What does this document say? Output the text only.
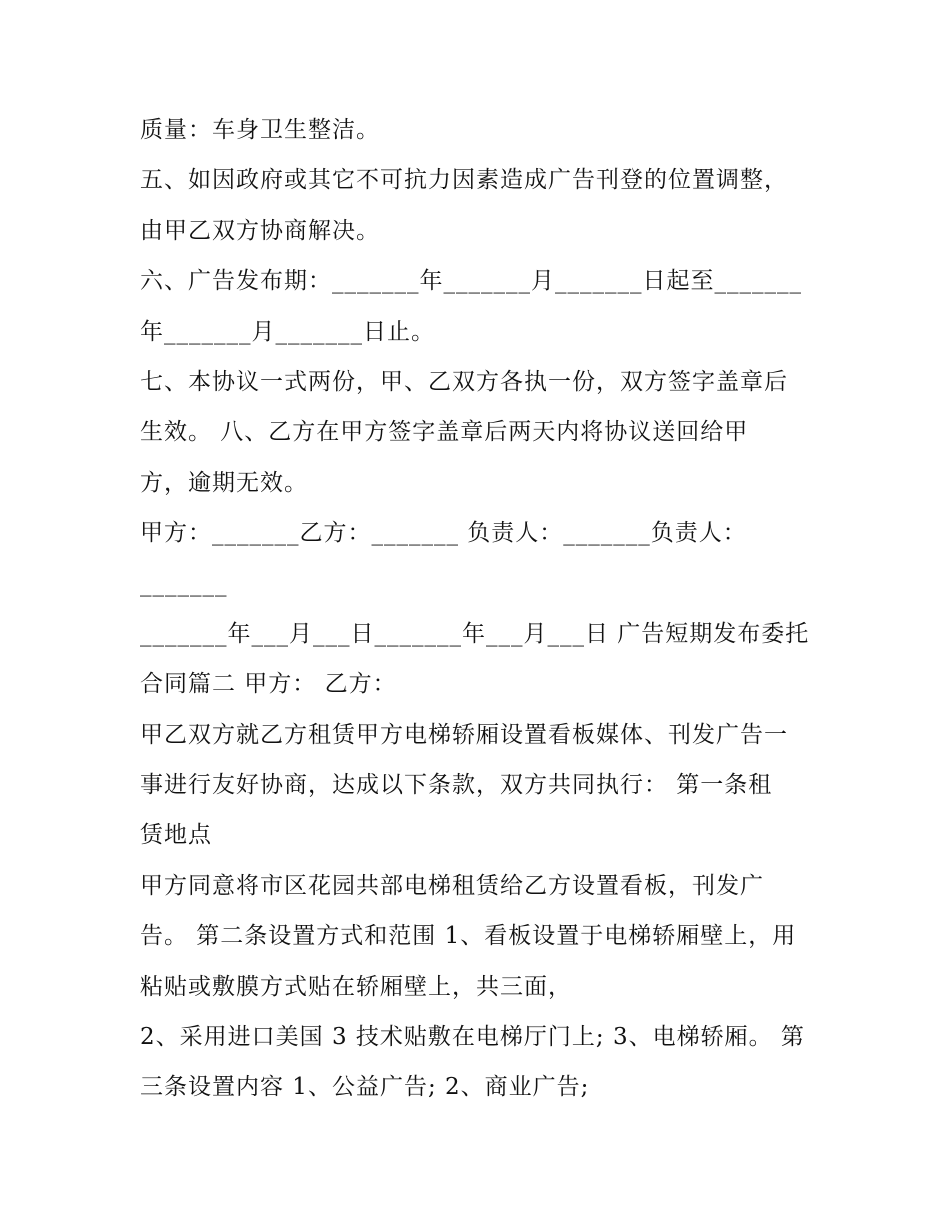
质量：车身卫生整洁。
五、如因政府或其它不可抗力因素造成广告刊登的位置调整，
由甲乙双方协商解决。
六、广告发布期：_______年_______月_______日起至_______
年_______月_______日止。
七、本协议一式两份，甲、乙双方各执一份，双方签字盖章后
生效。 八、乙方在甲方签字盖章后两天内将协议送回给甲
方，逾期无效。
甲方：_______乙方：_______ 负责人：_______负责人：
_______
_______年___月___日_______年___月___日 广告短期发布委托
合同篇二 甲方： 乙方：
甲乙双方就乙方租赁甲方电梯轿厢设置看板媒体、刊发广告一
事进行友好协商，达成以下条款，双方共同执行： 第一条租
赁地点
甲方同意将市区花园共部电梯租赁给乙方设置看板，刊发广
告。 第二条设置方式和范围 1、看板设置于电梯轿厢壁上，用
粘贴或敷膜方式贴在轿厢壁上，共三面，
2、采用进口美国 3 技术贴敷在电梯厅门上; 3、电梯轿厢。 第
三条设置内容 1、公益广告; 2、商业广告;
